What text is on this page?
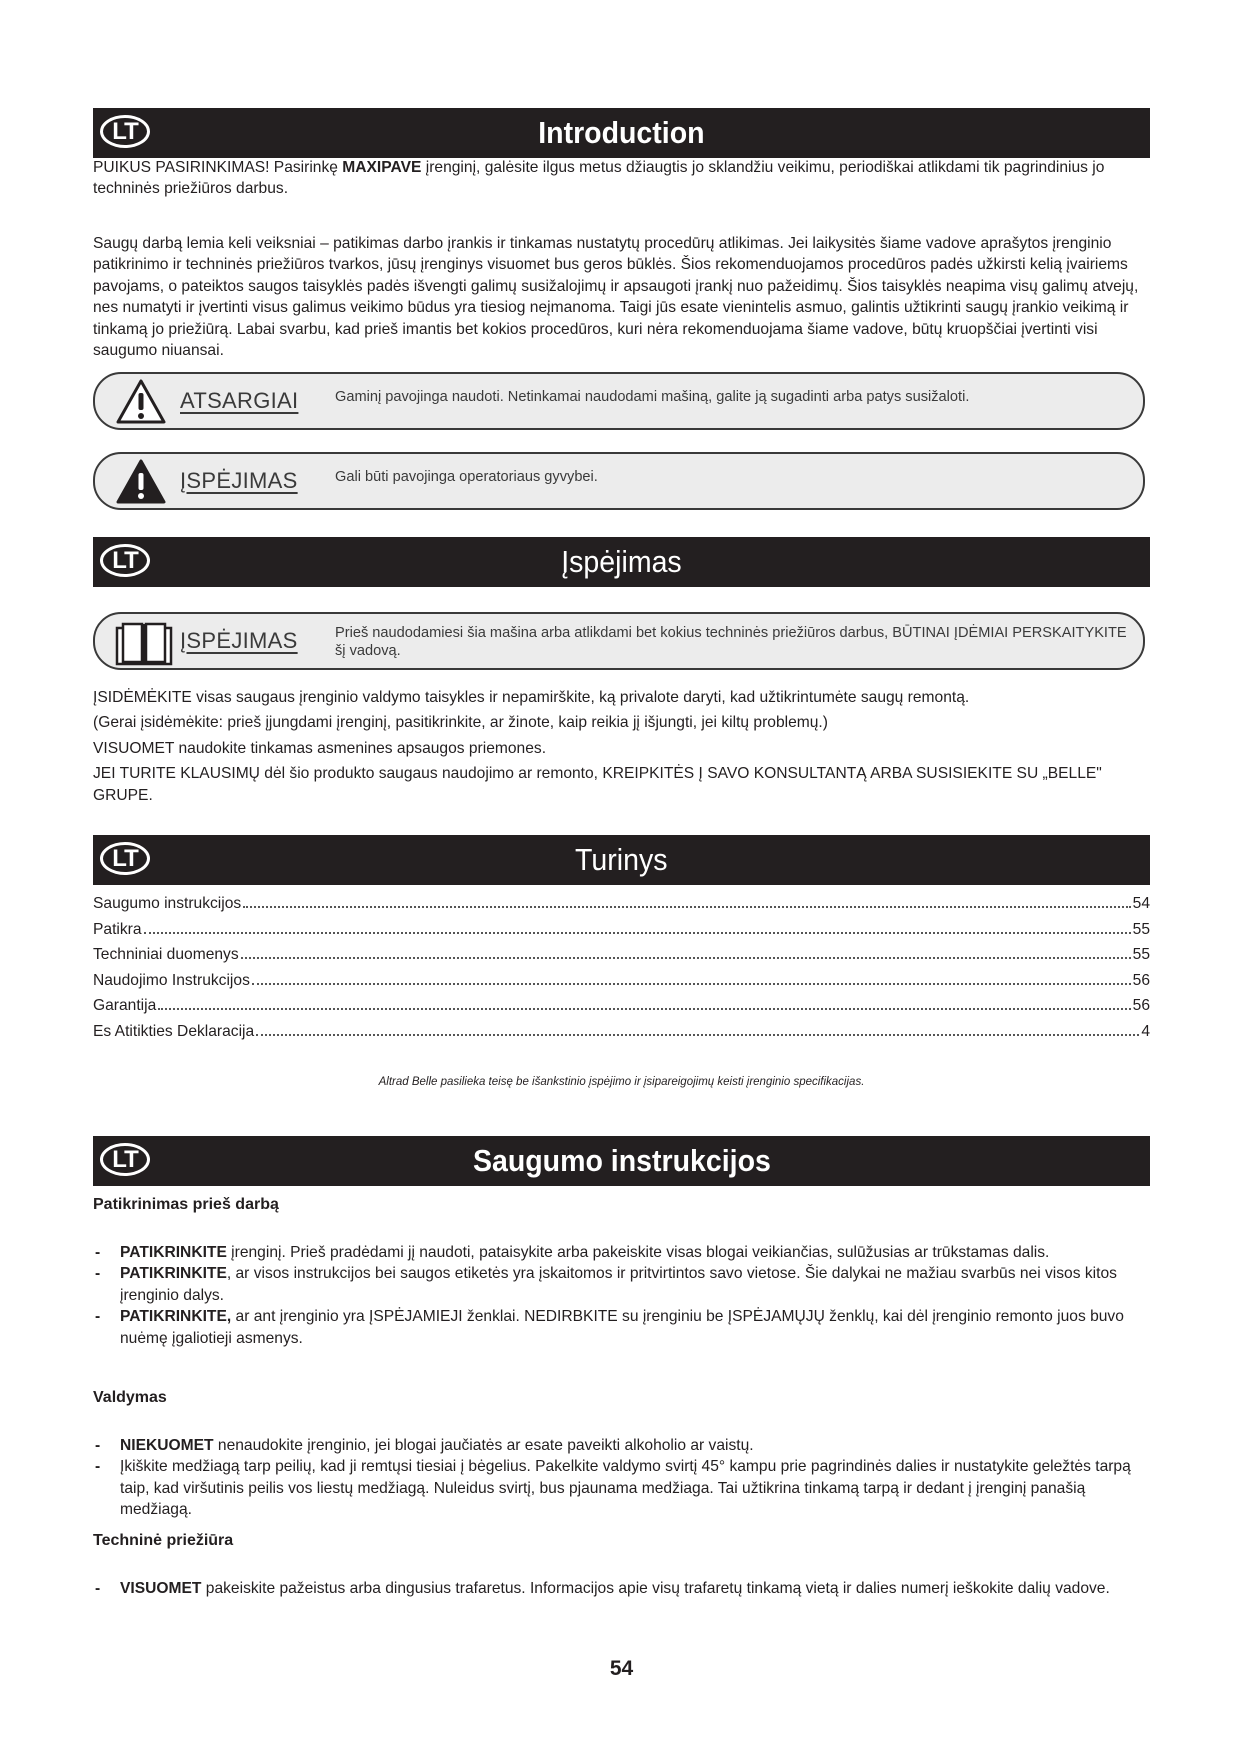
LT	Introduction

PUIKUS PASIRINKIMAS! Pasirinkę MAXIPAVE įrenginį, galėsite ilgus metus džiaugtis jo sklandžiu veikimu, periodiškai atlikdami tik pagrindinius jo techninės priežiūros darbus.

Saugų darbą lemia keli veiksniai – patikimas darbo įrankis ir tinkamas nustatytų procedūrų atlikimas. Jei laikysitės šiame vadove aprašytos įrenginio patikrinimo ir techninės priežiūros tvarkos, jūsų įrenginys visuomet bus geros būklės. Šios rekomenduojamos procedūros padės užkirsti kelią įvairiems pavojams, o pateiktos saugos taisyklės padės išvengti galimų susižalojimų ir apsaugoti įrankį nuo pažeidimų. Šios taisyklės neapima visų galimų atvejų, nes numatyti ir įvertinti visus galimus veikimo būdus yra tiesiog neįmanoma. Taigi jūs esate vienintelis asmuo, galintis užtikrinti saugų įrankio veikimą ir tinkamą jo priežiūrą. Labai svarbu, kad prieš imantis bet kokios procedūros, kuri nėra rekomenduojama šiame vadove, būtų kruopščiai įvertinti visi saugumo niuansai.

ATSARGIAI	Gaminį pavojinga naudoti. Netinkamai naudodami mašiną, galite ją sugadinti arba patys susižaloti.
ĮSPĖJIMAS	Gali būti pavojinga operatoriaus gyvybei.
LT	Įspėjimas
ĮSPĖJIMAS	Prieš naudodamiesi šia mašina arba atlikdami bet kokius techninės priežiūros darbus, BŪTINAI ĮDĖMIAI PERSKAITYKITE šį vadovą.
ĮSIDĖMĖKITE visas saugaus įrenginio valdymo taisykles ir nepamirškite, ką privalote daryti, kad užtikrintumėte saugų remontą.
(Gerai įsidėmėkite: prieš įjungdami įrenginį, pasitikrinkite, ar žinote, kaip reikia jį išjungti, jei kiltų problemų.)
VISUOMET naudokite tinkamas asmenines apsaugos priemones.
JEI TURITE KLAUSIMŲ dėl šio produkto saugaus naudojimo ar remonto, KREIPKITĖS Į SAVO KONSULTANTĄ ARBA SUSISIEKITE SU „BELLE" GRUPE.
LT	Turinys
Saugumo instrukcijos	54
Patikra	55
Techniniai duomenys	55
Naudojimo Instrukcijos	56
Garantija	56
Es Atitikties Deklaracija	4
Altrad Belle pasilieka teisę be išankstinio įspėjimo ir įsipareigojimų keisti įrenginio specifikacijas.
LT	Saugumo instrukcijos
Patikrinimas prieš darbą
- PATIKRINKITE įrenginį. Prieš pradėdami jį naudoti, pataisykite arba pakeiskite visas blogai veikiančias, sulūžusias ar trūkstamas dalis.
- PATIKRINKITE, ar visos instrukcijos bei saugos etiketės yra įskaitomos ir pritvirtintos savo vietose. Šie dalykai ne mažiau svarbūs nei visos kitos įrenginio dalys.
- PATIKRINKITE, ar ant įrenginio yra ĮSPĖJAMIEJI ženklai. NEDIRBKITE su įrenginiu be ĮSPĖJAMŲJŲ ženklų, kai dėl įrenginio remonto juos buvo nuėmę įgaliotieji asmenys.
Valdymas
- NIEKUOMET nenaudokite įrenginio, jei blogai jaučiatės ar esate paveikti alkoholio ar vaistų.
- Įkiškite medžiagą tarp peilių, kad ji remtųsi tiesiai į bėgelius. Pakelkite valdymo svirtį 45° kampu prie pagrindinės dalies ir nustatykite geležtės tarpą taip, kad viršutinis peilis vos liestų medžiagą. Nuleidus svirtį, bus pjaunama medžiaga. Tai užtikrina tinkamą tarpą ir dedant į įrenginį panašią medžiagą.
Techninė priežiūra
- VISUOMET pakeiskite pažeistus arba dingusius trafaretus. Informacijos apie visų trafaretų tinkamą vietą ir dalies numerį ieškokite dalių vadove.
54
